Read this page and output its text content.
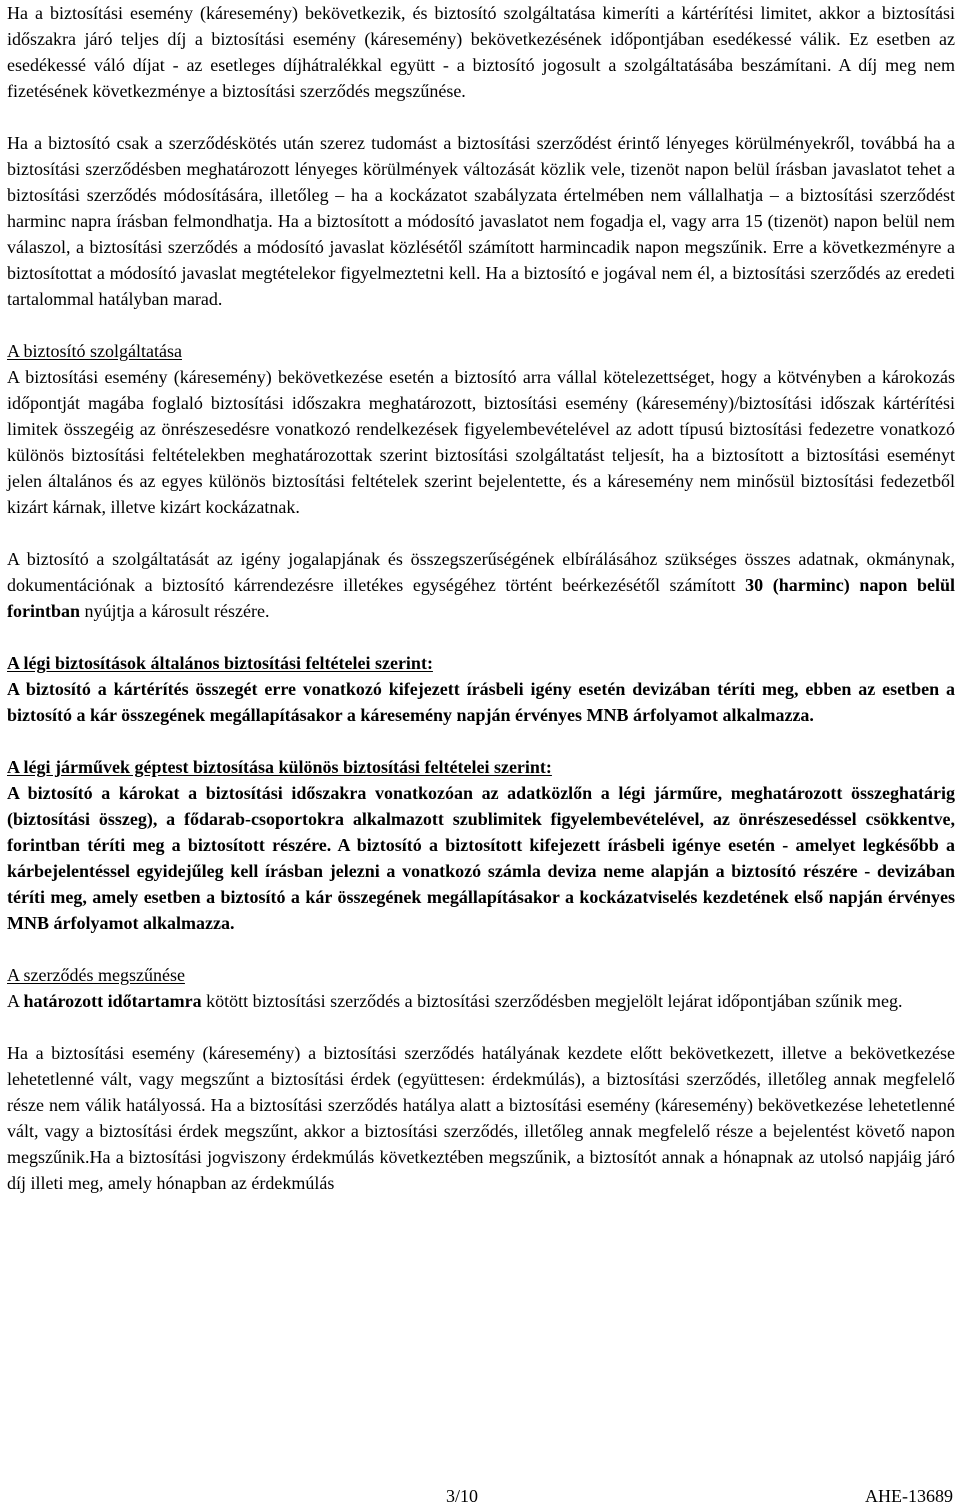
Ha a biztosítási esemény (káresemény) bekövetkezik, és biztosító szolgáltatása kimeríti a kártérítési limitet, akkor a biztosítási időszakra járó teljes díj a biztosítási esemény (káresemény) bekövetkezésének időpontjában esedékessé válik. Ez esetben az esedékessé váló díjat - az esetleges díjhátralékkal együtt - a biztosító jogosult a szolgáltatásába beszámítani. A díj meg nem fizetésének következménye a biztosítási szerződés megszűnése.

Ha a biztosító csak a szerződéskötés után szerez tudomást a biztosítási szerződést érintő lényeges körülményekről, továbbá ha a biztosítási szerződésben meghatározott lényeges körülmények változását közlik vele, tizenöt napon belül írásban javaslatot tehet a biztosítási szerződés módosítására, illetőleg – ha a kockázatot szabályzata értelmében nem vállalhatja – a biztosítási szerződést harminc napra írásban felmondhatja. Ha a biztosított a módosító javaslatot nem fogadja el, vagy arra 15 (tizenöt) napon belül nem válaszol, a biztosítási szerződés a módosító javaslat közlésétől számított harmincadik napon megszűnik. Erre a következményre a biztosítottat a módosító javaslat megtételekor figyelmeztetni kell. Ha a biztosító e jogával nem él, a biztosítási szerződés az eredeti tartalommal hatályban marad.

A biztosító szolgáltatása

A biztosítási esemény (káresemény) bekövetkezése esetén a biztosító arra vállal kötelezettséget, hogy a kötvényben a károkozás időpontját magába foglaló biztosítási időszakra meghatározott, biztosítási esemény (káresemény)/biztosítási időszak kártérítési limitek összegéig az önrészesedésre vonatkozó rendelkezések figyelembevételével az adott típusú biztosítási fedezetre vonatkozó különös biztosítási feltételekben meghatározottak szerint biztosítási szolgáltatást teljesít, ha a biztosított a biztosítási eseményt jelen általános és az egyes különös biztosítási feltételek szerint bejelentette, és a káresemény nem minősül biztosítási fedezetből kizárt kárnak, illetve kizárt kockázatnak.

A biztosító a szolgáltatását az igény jogalapjának és összegszerűségének elbírálásához szükséges összes adatnak, okmánynak, dokumentációnak a biztosító kárrendezésre illetékes egységéhez történt beérkezésétől számított 30 (harminc) napon belül forintban nyújtja a károsult részére.

A légi biztosítások általános biztosítási feltételei szerint:

A biztosító a kártérítés összegét erre vonatkozó kifejezett írásbeli igény esetén devizában téríti meg, ebben az esetben a biztosító a kár összegének megállapításakor a káresemény napján érvényes MNB árfolyamot alkalmazza.

A légi járművek géptest biztosítása különös biztosítási feltételei szerint:

A biztosító a károkat a biztosítási időszakra vonatkozóan az adatközlőn a légi járműre, meghatározott összeghatárig (biztosítási összeg), a fődarab-csoportokra alkalmazott szublimitek figyelembevételével, az önrészesedéssel csökkentve, forintban téríti meg a biztosított részére. A biztosító a biztosított kifejezett írásbeli igénye esetén - amelyet legkésőbb a kárbejelentéssel egyidejűleg kell írásban jelezni a vonatkozó számla deviza neme alapján a biztosító részére - devizában téríti meg, amely esetben a biztosító a kár összegének megállapításakor a kockázatviselés kezdetének első napján érvényes MNB árfolyamot alkalmazza.

A szerződés megszűnése

A határozott időtartamra kötött biztosítási szerződés a biztosítási szerződésben megjelölt lejárat időpontjában szűnik meg.

Ha a biztosítási esemény (káresemény) a biztosítási szerződés hatályának kezdete előtt bekövetkezett, illetve a bekövetkezése lehetetlenné vált, vagy megszűnt a biztosítási érdek (együttesen: érdekmúlás), a biztosítási szerződés, illetőleg annak megfelelő része nem válik hatályossá. Ha a biztosítási szerződés hatálya alatt a biztosítási esemény (káresemény) bekövetkezése lehetetlenné vált, vagy a biztosítási érdek megszűnt, akkor a biztosítási szerződés, illetőleg annak megfelelő része a bejelentést követő napon megszűnik.Ha a biztosítási jogviszony érdekmúlás következtében megszűnik, a biztosítót annak a hónapnak az utolsó napjáig járó díj illeti meg, amely hónapban az érdekmúlás

3/10	AHE-13689
